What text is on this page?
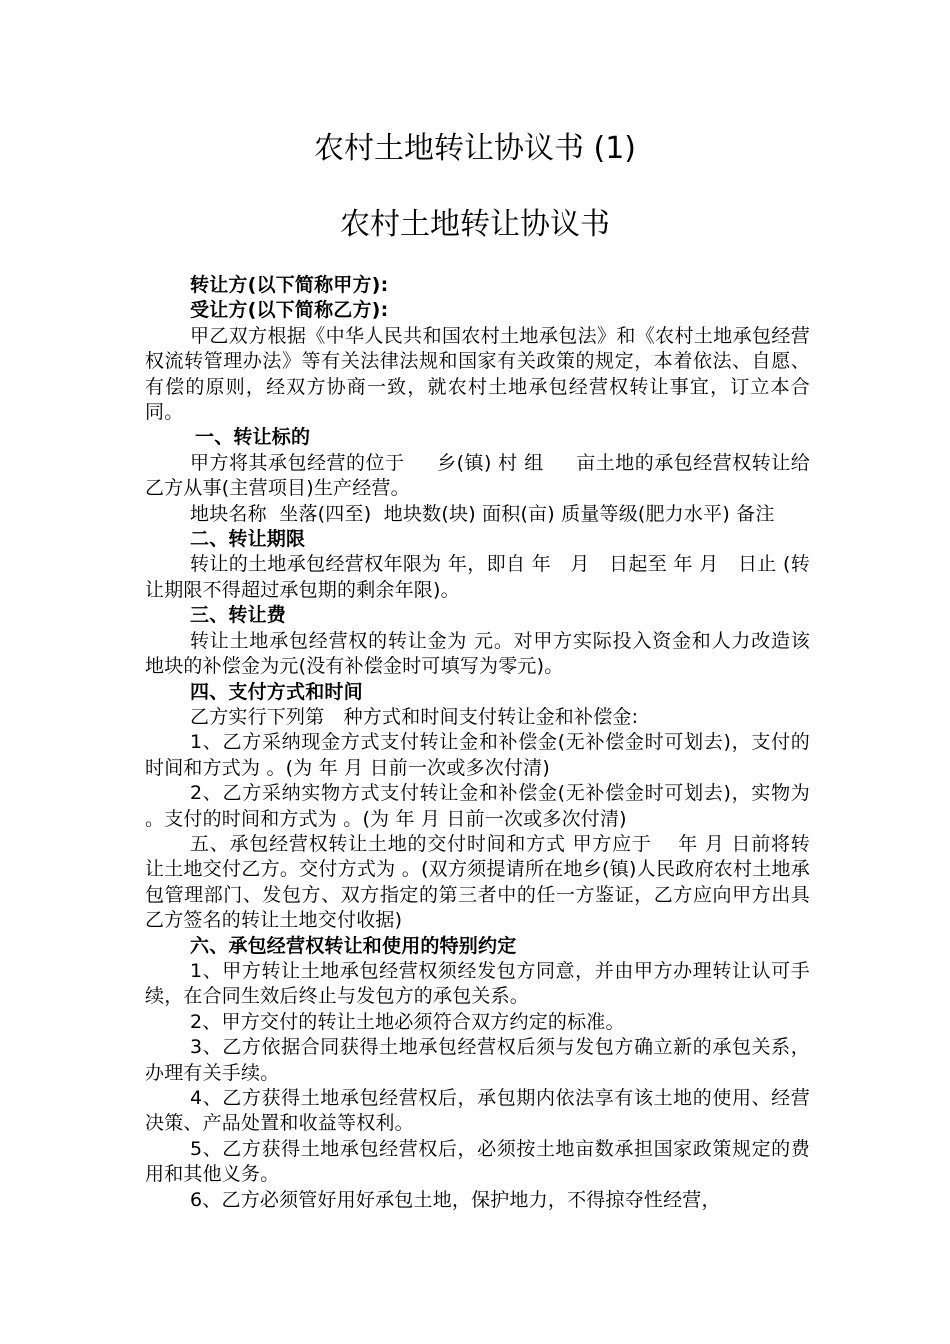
农村土地转让协议书 (1)
农村土地转让协议书

转让方(以下简称甲方):

受让方(以下简称乙方):

甲乙双方根据《中华人民共和国农村土地承包法》和《农村土地承包经营权流转管理办法》等有关法律法规和国家有关政策的规定，本着依法、自愿、有偿的原则，经双方协商一致，就农村土地承包经营权转让事宜，订立本合同。

一、转让标的

甲方将其承包经营的位于　  乡(镇) 村 组　  亩土地的承包经营权转让给乙方从事(主营项目)生产经营。

地块名称  坐落(四至)  地块数(块) 面积(亩) 质量等级(肥力水平) 备注

二、转让期限

转让的土地承包经营权年限为 年，即自 年　月　日起至 年 月　日止 (转让期限不得超过承包期的剩余年限)。

三、转让费

转让土地承包经营权的转让金为 元。对甲方实际投入资金和人力改造该地块的补偿金为元(没有补偿金时可填写为零元)。

四、支付方式和时间

乙方实行下列第　种方式和时间支付转让金和补偿金:

1、乙方采纳现金方式支付转让金和补偿金(无补偿金时可划去)，支付的时间和方式为 。(为 年 月 日前一次或多次付清)

2、乙方采纳实物方式支付转让金和补偿金(无补偿金时可划去)，实物为 。支付的时间和方式为 。(为 年 月 日前一次或多次付清)

五、承包经营权转让土地的交付时间和方式 甲方应于　 年 月 日前将转让土地交付乙方。交付方式为 。(双方须提请所在地乡(镇)人民政府农村土地承包管理部门、发包方、双方指定的第三者中的任一方鉴证，乙方应向甲方出具乙方签名的转让土地交付收据)

六、承包经营权转让和使用的特别约定

1、甲方转让土地承包经营权须经发包方同意，并由甲方办理转让认可手续，在合同生效后终止与发包方的承包关系。

2、甲方交付的转让土地必须符合双方约定的标准。

3、乙方依据合同获得土地承包经营权后须与发包方确立新的承包关系，办理有关手续。

4、乙方获得土地承包经营权后，承包期内依法享有该土地的使用、经营决策、产品处置和收益等权利。

5、乙方获得土地承包经营权后，必须按土地亩数承担国家政策规定的费用和其他义务。

6、乙方必须管好用好承包土地，保护地力，不得掠夺性经营，
